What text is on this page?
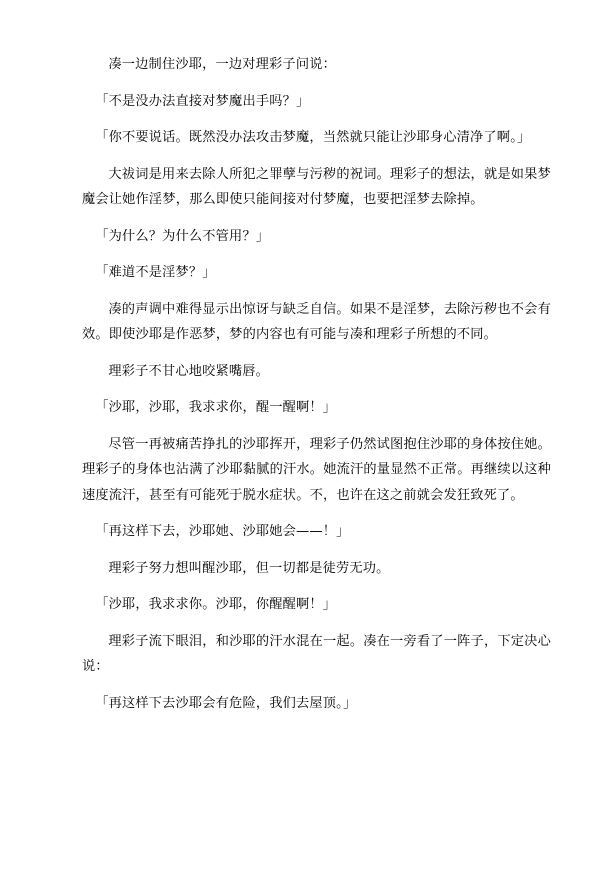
凑一边制住沙耶，一边对理彩子问说：

「不是没办法直接对梦魔出手吗？」

「你不要说话。既然没办法攻击梦魔，当然就只能让沙耶身心清净了啊。」

大祓词是用来去除人所犯之罪孽与污秽的祝词。理彩子的想法，就是如果梦魔会让她作淫梦，那么即使只能间接对付梦魔，也要把淫梦去除掉。

「为什么？为什么不管用？」

「难道不是淫梦？」

凑的声调中难得显示出惊讶与缺乏自信。如果不是淫梦，去除污秽也不会有效。即使沙耶是作恶梦，梦的内容也有可能与凑和理彩子所想的不同。

理彩子不甘心地咬紧嘴唇。

「沙耶，沙耶，我求求你，醒一醒啊！」

尽管一再被痛苦挣扎的沙耶挥开，理彩子仍然试图抱住沙耶的身体按住她。理彩子的身体也沾满了沙耶黏腻的汗水。她流汗的量显然不正常。再继续以这种速度流汗，甚至有可能死于脱水症状。不，也许在这之前就会发狂致死了。

「再这样下去，沙耶她、沙耶她会——！」

理彩子努力想叫醒沙耶，但一切都是徒劳无功。

「沙耶，我求求你。沙耶，你醒醒啊！」

理彩子流下眼泪，和沙耶的汗水混在一起。凑在一旁看了一阵子，下定决心说：

「再这样下去沙耶会有危险，我们去屋顶。」
